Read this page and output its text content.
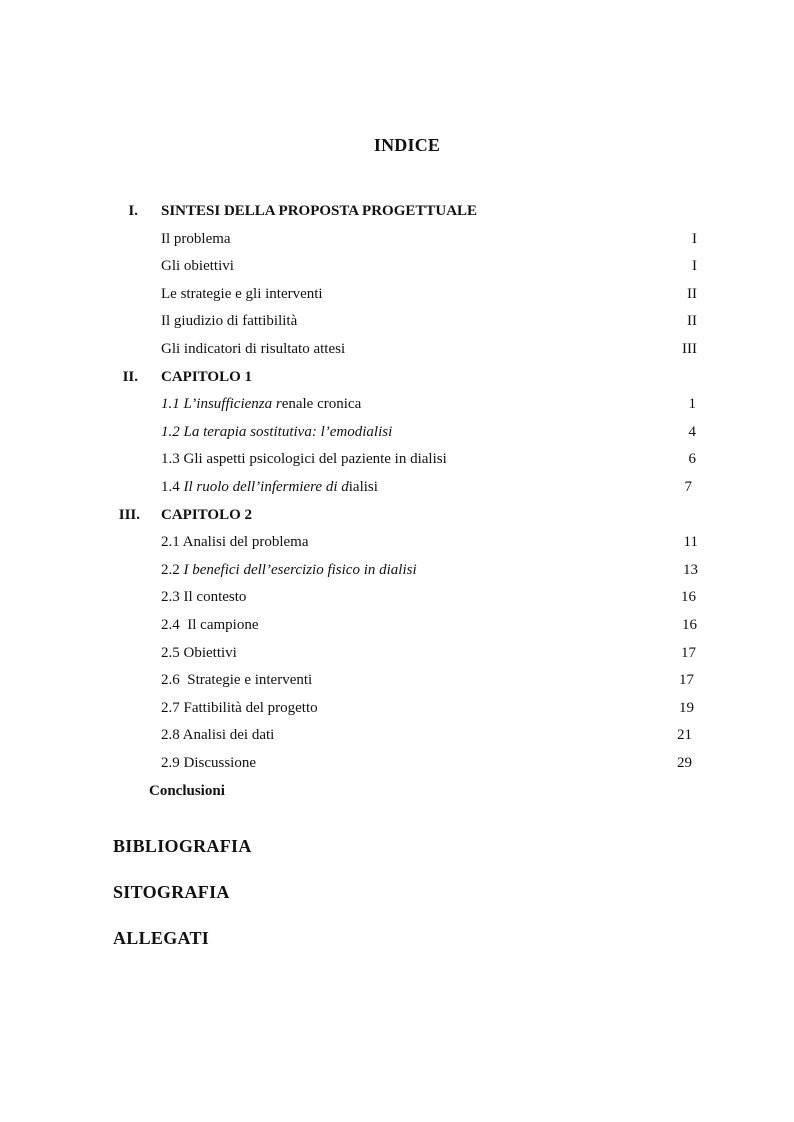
INDICE
I. SINTESI DELLA PROPOSTA PROGETTUALE
Il problema	I
Gli obiettivi	I
Le strategie e gli interventi	II
Il giudizio di fattibilità	II
Gli indicatori di risultato attesi	III
II. CAPITOLO 1
1.1 L’insufficienza renale cronica	1
1.2 La terapia sostitutiva: l’emodialisi	4
1.3 Gli aspetti psicologici del paziente in dialisi	6
1.4 Il ruolo dell’infermiere di dialisi	7
III. CAPITOLO 2
2.1 Analisi del problema	11
2.2 I benefici dell’esercizio fisico in dialisi	13
2.3 Il contesto	16
2.4  Il campione	16
2.5 Obiettivi	17
2.6  Strategie e interventi	17
2.7 Fattibilità del progetto	19
2.8 Analisi dei dati	21
2.9 Discussione	29
Conclusioni
BIBLIOGRAFIA
SITOGRAFIA
ALLEGATI
